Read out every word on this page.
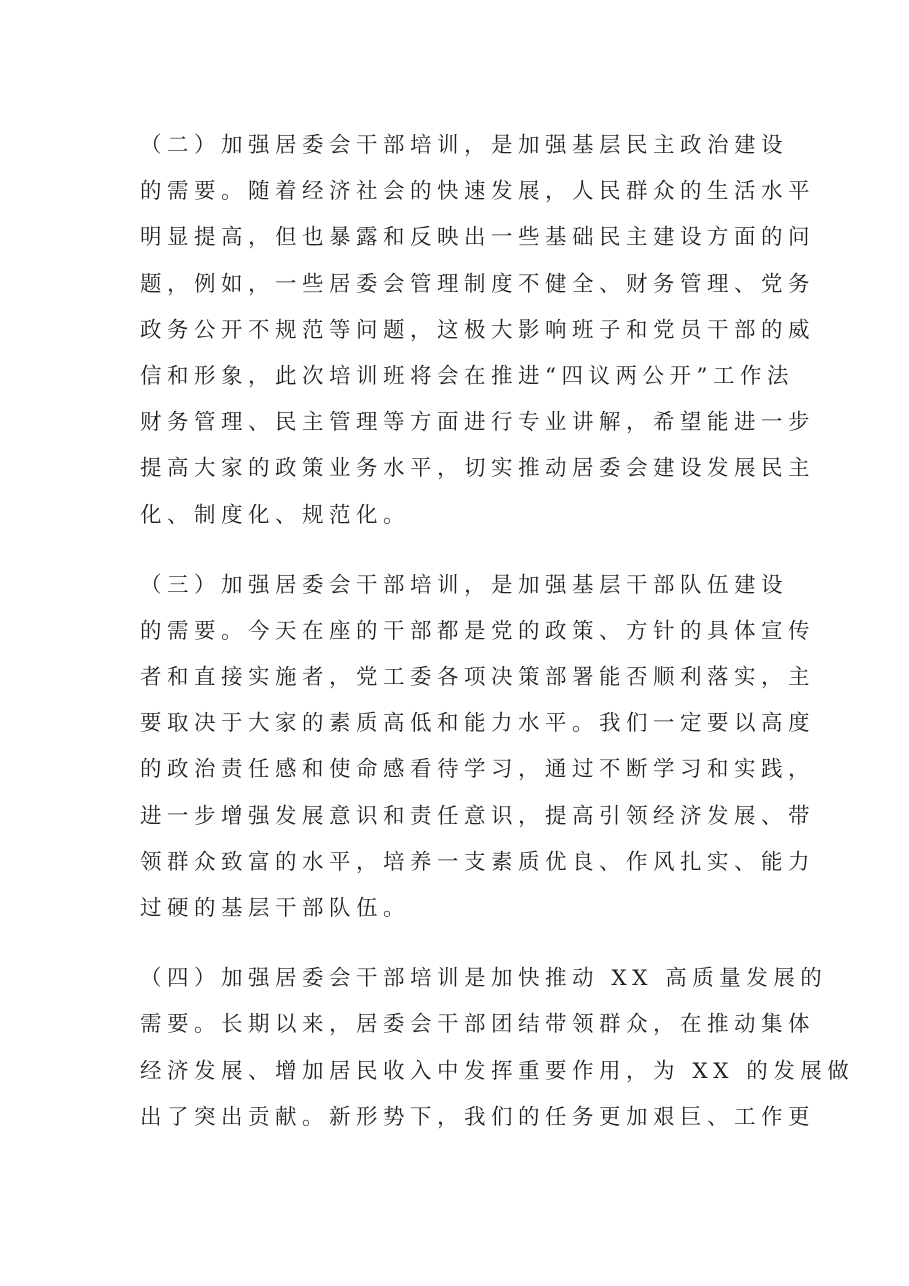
（二）加强居委会干部培训，是加强基层民主政治建设
的需要。随着经济社会的快速发展，人民群众的生活水平
明显提高，但也暴露和反映出一些基础民主建设方面的问
题，例如，一些居委会管理制度不健全、财务管理、党务
政务公开不规范等问题，这极大影响班子和党员干部的威
信和形象，此次培训班将会在推进“四议两公开”工作法
财务管理、民主管理等方面进行专业讲解，希望能进一步
提高大家的政策业务水平，切实推动居委会建设发展民主
化、制度化、规范化。
（三）加强居委会干部培训，是加强基层干部队伍建设
的需要。今天在座的干部都是党的政策、方针的具体宣传
者和直接实施者，党工委各项决策部署能否顺利落实，主
要取决于大家的素质高低和能力水平。我们一定要以高度
的政治责任感和使命感看待学习，通过不断学习和实践，
进一步增强发展意识和责任意识，提高引领经济发展、带
领群众致富的水平，培养一支素质优良、作风扎实、能力
过硬的基层干部队伍。
（四）加强居委会干部培训是加快推动 XX 高质量发展的
需要。长期以来，居委会干部团结带领群众，在推动集体
经济发展、增加居民收入中发挥重要作用，为 XX 的发展做
出了突出贡献。新形势下，我们的任务更加艰巨、工作更
